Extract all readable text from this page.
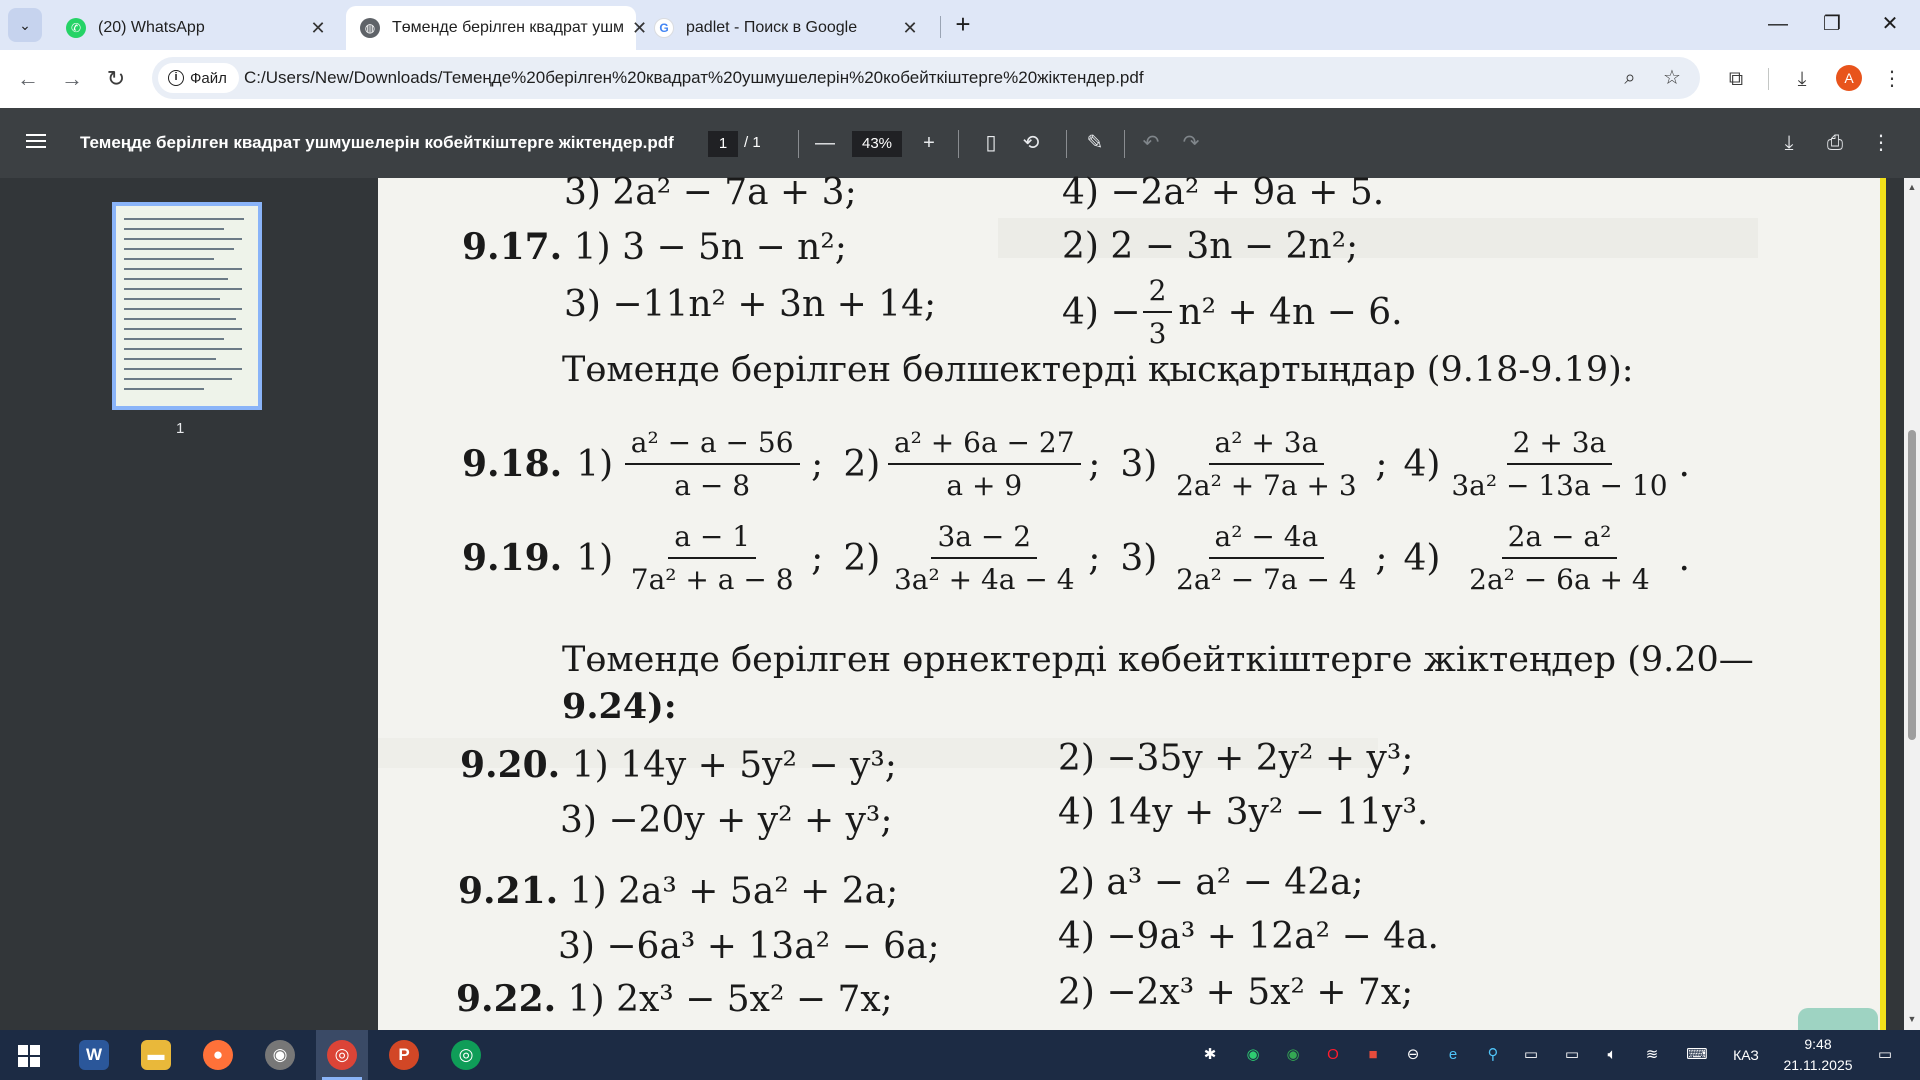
⌄	✆	(20) WhatsApp	✕	◍ Төменде берілген квадрат ушм ✕	G	padlet - Поиск в Google	✕ +	—	❐	✕
← →	↻	i Файл C:/Users/New/Downloads/Темеңде%20берілген%20квадрат%20ушмушелерін%20кобейткіштерге%20жіктендер.pdf	⌕	☆	⧉	⤓	A	⋮
Темеңде берілген квадрат ушмушелерін кобейткіштерге жіктендер.pdf	1	/ 1	—	43%	+	▯	⟲	✎	↶	↷	⤓	⎙	⋮
1
3) 2a² − 7a + 3;	4) −2a² + 9a + 5.
9.17. 1) 3 − 5n − n²;	2) 2 − 3n − 2n²;
3) −11n² + 3n + 14;	$4) - \frac{2}{3} n^2 + 4n - 6$.
Төменде берілген бөлшектерді қысқартыңдар (9.18-9.19):
9.18. $1) \frac{\text{a² − a − 56}}{a - 8}$ ; $2) \frac{\text{a² + 6a − 27}}{a + 9}$ ; $3) \frac{\text{a² + 3a}}{\text{2a² + 7a + 3}}$ ; $4) \frac{2 + 3a}{\text{3a² − 13a − 10}}$ .
9.19. $1) \frac{a - 1}{\text{7a² + a − 8}}$ ; $2) \frac{3a - 2}{\text{3a² + 4a − 4}}$ ; $3) \frac{\text{a² − 4a}}{\text{2a² − 7a − 4}}$ ; $4) \frac{\text{2a − a²}}{\text{2a² − 6a + 4}}$ .
Төменде берілген өрнектерді көбейткіштерге жіктеңдер (9.20—
9.24):
9.20. 1) 14y + 5y² − y³;	2) −35y + 2y² + y³;
3) −20y + y² + y³;	4) 14y + 3y² − 11y³.
9.21. 1) 2a³ + 5a² + 2a;	2) a³ − a² − 42a;
3) −6a³ + 13a² − 6a;	4) −9a³ + 12a² − 4a.
9.22. 1) 2x³ − 5x² − 7x;	2) −2x³ + 5x² + 7x;
▲
▼
W	▬	●	◉	◎	P	◎	✱ ◉ ◉	O	■	⊖	e	⚲	▭	▭	🔈︎	≋	⌨	КАЗ
9:48
21.11.2025
▭
